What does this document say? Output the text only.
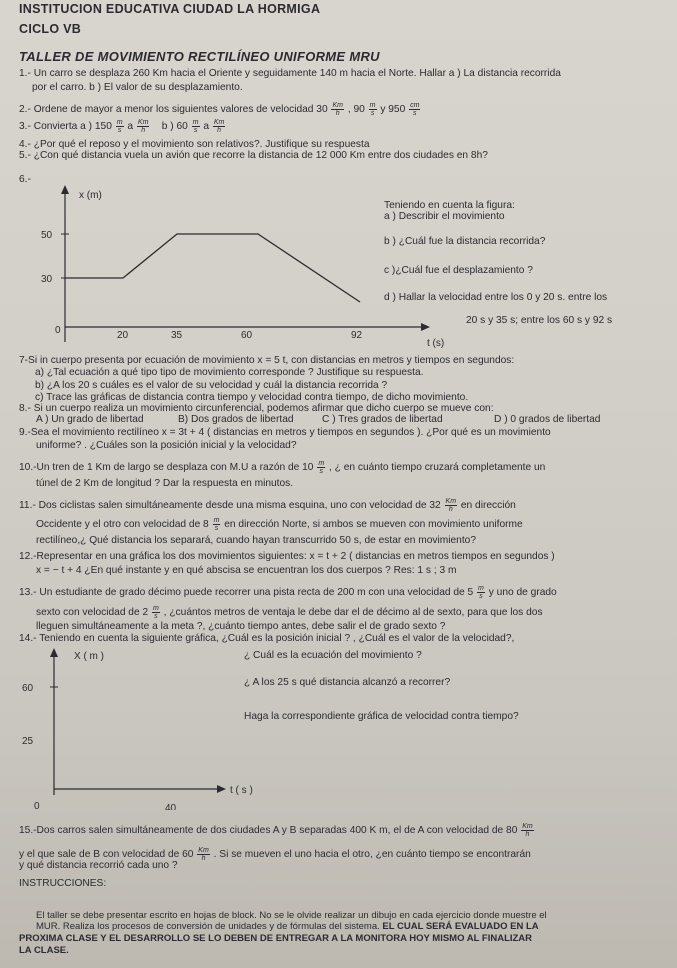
INSTITUCION EDUCATIVA CIUDAD LA HORMIGA
CICLO VB
TALLER DE MOVIMIENTO RECTILÍNEO UNIFORME MRU
1.- Un carro se desplaza 260 Km hacia el Oriente y seguidamente 140 m hacia el Norte. Hallar a ) La distancia recorrida
por el carro. b ) El valor de su desplazamiento.
2.- Ordene de mayor a menor los siguientes valores de velocidad $30 \frac{Km}{h}$ , $90 \frac{m}{s}$ y $950 \frac{cm}{s}$
3.- Convierta a ) $150 \frac{m}{s}$ a $\frac{Km}{h}$ b ) $60 \frac{m}{s}$ a $\frac{Km}{h}$
4.- ¿Por qué el reposo y el movimiento son relativos?. Justifique su respuesta
5.- ¿Con qué distancia vuela un avión que recorre la distancia de 12 000 Km entre dos ciudades en 8h?
6.-
x (m)
50
30
0	20	35	60	92
t (s)
Teniendo en cuenta la figura:
a ) Describir el movimiento
b ) ¿Cuál fue la distancia recorrida?
c )¿Cuál fue el desplazamiento ?
d ) Hallar la velocidad entre los 0 y 20 s. entre los
20 s y 35 s; entre los 60 s y 92 s
7-Si in cuerpo presenta por ecuación de movimiento x = 5 t, con distancias en metros y tiempos en segundos:
a) ¿Tal ecuación a qué tipo tipo de movimiento corresponde ? Justifique su respuesta.
b) ¿A los 20 s cuáles es el valor de su velocidad y cuál la distancia recorrida ?
c) Trace las gráficas de distancia contra tiempo y velocidad contra tiempo, de dicho movimiento.
8.- Si un cuerpo realiza un movimiento circunferencial, podemos afirmar que dicho cuerpo se mueve con:
A ) Un grado de libertad	B) Dos grados de libertad	C ) Tres grados de libertad	D ) 0 grados de libertad
9.-Sea el movimiento rectilíneo x = 3t + 4 ( distancias en metros y tiempos en segundos ). ¿Por qué es un movimiento
uniforme? . ¿Cuáles son la posición inicial y la velocidad?
10.-Un tren de 1 Km de largo se desplaza con M.U a razón de $10 \frac{m}{s}$ , ¿ en cuánto tiempo cruzará completamente un
túnel de 2 Km de longitud ? Dar la respuesta en minutos.
11.- Dos ciclistas salen simultáneamente desde una misma esquina, uno con velocidad de $32 \frac{Km}{h}$ en dirección
Occidente y el otro con velocidad de $8 \frac{m}{s}$ en dirección Norte, si ambos se mueven con movimiento uniforme
rectilíneo,¿ Qué distancia los separará, cuando hayan transcurrido 50 s, de estar en movimiento?
12.-Representar en una gráfica los dos movimientos siguientes: x = t + 2 ( distancias en metros tiempos en segundos )
x = − t + 4 ¿En qué instante y en qué abscisa se encuentran los dos cuerpos ? Res: 1 s ; 3 m
13.- Un estudiante de grado décimo puede recorrer una pista recta de 200 m con una velocidad de $5 \frac{m}{s}$ y uno de grado
sexto con velocidad de $2 \frac{m}{s}$ , ¿cuántos metros de ventaja le debe dar el de décimo al de sexto, para que los dos
lleguen simultáneamente a la meta ?, ¿cuánto tiempo antes, debe salir el de grado sexto ?
14.- Teniendo en cuenta la siguiente gráfica, ¿Cuál es la posición inicial ? , ¿Cuál es el valor de la velocidad?,
X ( m )
60
25
0	40
t ( s )
¿ Cuál es la ecuación del movimiento ?
¿ A los 25 s qué distancia alcanzó a recorrer?
Haga la correspondiente gráfica de velocidad contra tiempo?
15.-Dos carros salen simultáneamente de dos ciudades A y B separadas 400 K m, el de A con velocidad de $80 \frac{Km}{h}$
y el que sale de B con velocidad de $60 \frac{Km}{h}$ . Si se mueven el uno hacia el otro, ¿en cuánto tiempo se encontrarán
y qué distancia recorrió cada uno ?
INSTRUCCIONES:
El taller se debe presentar escrito en hojas de block. No se le olvide realizar un dibujo en cada ejercicio donde muestre el
MUR. Realiza los procesos de conversión de unidades y de fórmulas del sistema. EL CUAL SERÁ EVALUADO EN LA
PROXIMA CLASE Y EL DESARROLLO SE LO DEBEN DE ENTREGAR A LA MONITORA HOY MISMO AL FINALIZAR
LA CLASE.
